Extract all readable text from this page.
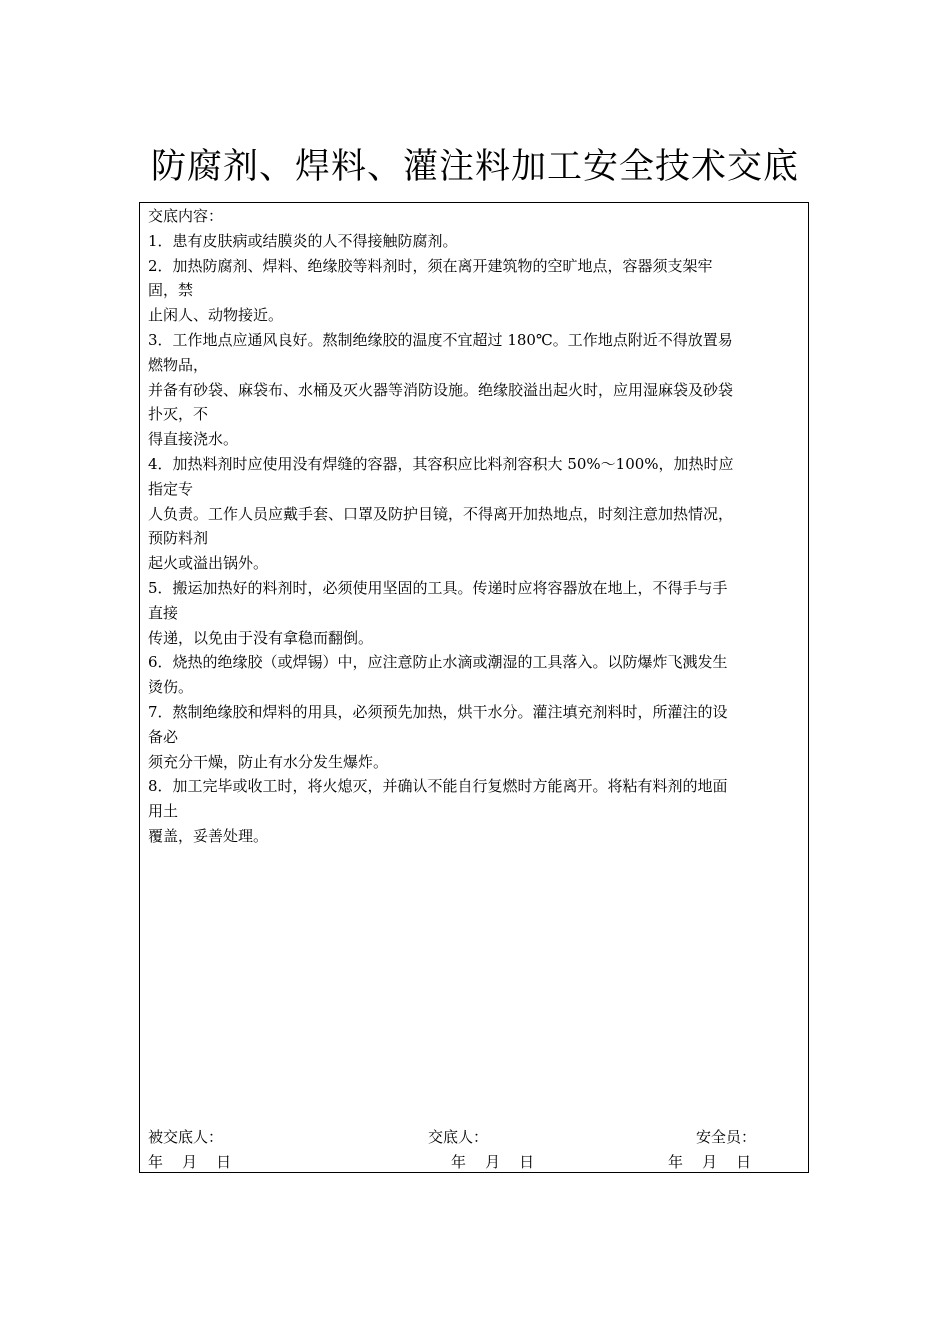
防腐剂、焊料、灌注料加工安全技术交底
交底内容：
1．患有皮肤病或结膜炎的人不得接触防腐剂。
2．加热防腐剂、焊料、绝缘胶等料剂时，须在离开建筑物的空旷地点，容器须支架牢
固，禁
止闲人、动物接近。
3．工作地点应通风良好。熬制绝缘胶的温度不宜超过 180℃。工作地点附近不得放置易
燃物品，
并备有砂袋、麻袋布、水桶及灭火器等消防设施。绝缘胶溢出起火时，应用湿麻袋及砂袋
扑灭，不
得直接浇水。
4．加热料剂时应使用没有焊缝的容器，其容积应比料剂容积大 50%～100%，加热时应
指定专
人负责。工作人员应戴手套、口罩及防护目镜，不得离开加热地点，时刻注意加热情况，
预防料剂
起火或溢出锅外。
5．搬运加热好的料剂时，必须使用坚固的工具。传递时应将容器放在地上，不得手与手
直接
传递，以免由于没有拿稳而翻倒。
6．烧热的绝缘胶（或焊锡）中，应注意防止水滴或潮湿的工具落入。以防爆炸飞溅发生
烫伤。
7．熬制绝缘胶和焊料的用具，必须预先加热，烘干水分。灌注填充剂料时，所灌注的设
备必
须充分干燥，防止有水分发生爆炸。
8．加工完毕或收工时，将火熄灭，并确认不能自行复燃时方能离开。将粘有料剂的地面
用土
覆盖，妥善处理。
被交底人：	交底人：	安全员：
年    月    日	年    月    日	年    月    日
